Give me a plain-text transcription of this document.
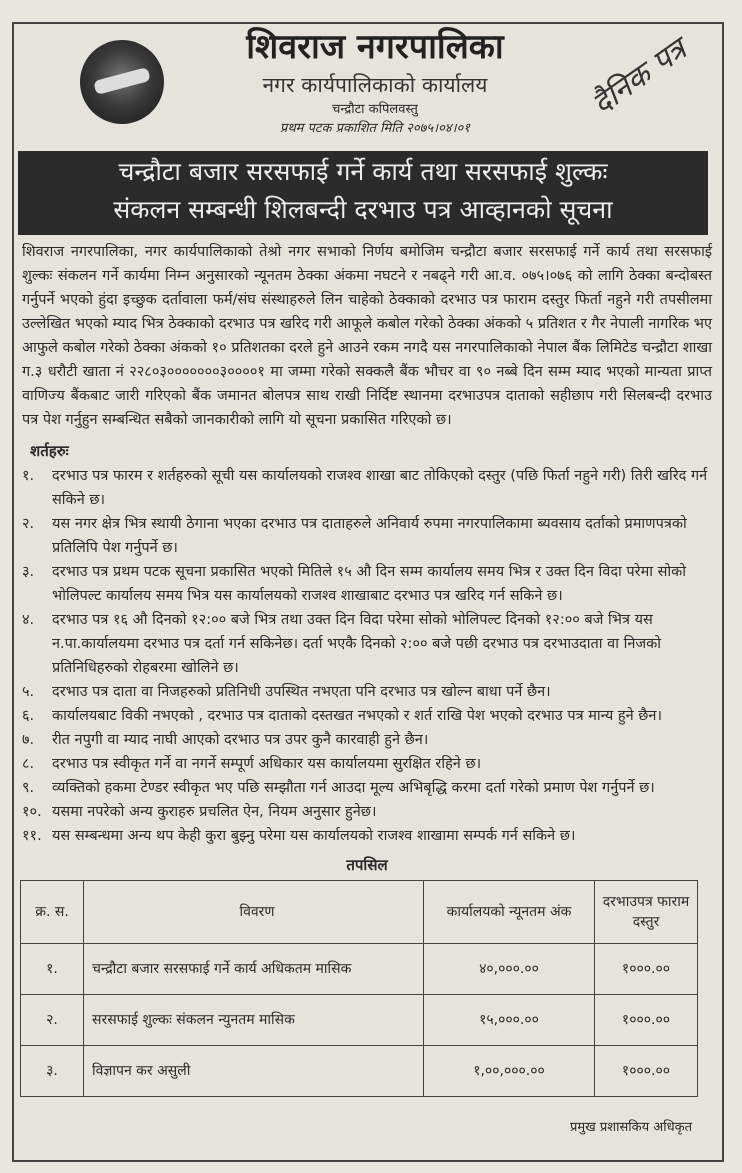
शिवराज नगरपालिका
नगर कार्यपालिकाको कार्यालय
चन्द्रौटा कपिलवस्तु
प्रथम पटक प्रकाशित मिति २०७५।०४।०१
दैनिक पत्र
चन्द्रौटा बजार सरसफाई गर्ने कार्य तथा सरसफाई शुल्कः
संकलन सम्बन्धी शिलबन्दी दरभाउ पत्र आव्हानको सूचना
शिवराज नगरपालिका, नगर कार्यपालिकाको तेश्रो नगर सभाको निर्णय बमोजिम चन्द्रौटा बजार सरसफाई गर्ने कार्य तथा सरसफाई शुल्कः संकलन गर्ने कार्यमा निम्न अनुसारको न्यूनतम ठेक्का अंकमा नघटने र नबढ्ने गरी आ.व. ०७५।०७६ को लागि ठेक्का बन्दोबस्त गर्नुपर्ने भएको हुंदा इच्छुक दर्तावाला फर्म/संघ संस्थाहरुले लिन चाहेको ठेक्काको दरभाउ पत्र फाराम दस्तुर फिर्ता नहुने गरी तपसीलमा उल्लेखित भएको म्याद भित्र ठेक्काको दरभाउ पत्र खरिद गरी आफूले कबोल गरेको ठेक्का अंकको ५ प्रतिशत र गैर नेपाली नागरिक भए आफुले कबोल गरेको ठेक्का अंकको १० प्रतिशतका दरले हुने आउने रकम नगदै यस नगरपालिकाको नेपाल बैंक लिमिटेड चन्द्रौटा शाखा ग.३ धरौटी खाता नं २२८०३०००००००३००००१ मा जम्मा गरेको सक्कलै बैंक भौचर वा ९० नब्बे दिन सम्म म्याद भएको मान्यता प्राप्त वाणिज्य बैंकबाट जारी गरिएको बैंक जमानत बोलपत्र साथ राखी निर्दिष्ट स्थानमा दरभाउपत्र दाताको सहीछाप गरी सिलबन्दी दरभाउ पत्र पेश गर्नुहुन सम्बन्धित सबैको जानकारीको लागि यो सूचना प्रकासित गरिएको छ।
शर्तहरुः
१.	दरभाउ पत्र फारम र शर्तहरुको सूची यस कार्यालयको राजश्व शाखा बाट तोकिएको दस्तुर (पछि फिर्ता नहुने गरी) तिरी खरिद गर्न सकिने छ।
२.	यस नगर क्षेत्र भित्र स्थायी ठेगाना भएका दरभाउ पत्र दाताहरुले अनिवार्य रुपमा नगरपालिकामा ब्यवसाय दर्ताको प्रमाणपत्रको प्रतिलिपि पेश गर्नुपर्ने छ।
३.	दरभाउ पत्र प्रथम पटक सूचना प्रकासित भएको मितिले १५ औ दिन सम्म कार्यालय समय भित्र र उक्त दिन विदा परेमा सोको भोलिपल्ट कार्यालय समय भित्र यस कार्यालयको राजश्व शाखाबाट दरभाउ पत्र खरिद गर्न सकिने छ।
४.	दरभाउ पत्र १६ औ दिनको १२:०० बजे भित्र तथा उक्त दिन विदा परेमा सोको भोलिपल्ट दिनको १२:०० बजे भित्र यस न.पा.कार्यालयमा दरभाउ पत्र दर्ता गर्न सकिनेछ। दर्ता भएकै दिनको २:०० बजे पछी दरभाउ पत्र दरभाउदाता वा निजको प्रतिनिधिहरुको रोहबरमा खोलिने छ।
५.	दरभाउ पत्र दाता वा निजहरुको प्रतिनिधी उपस्थित नभएता पनि दरभाउ पत्र खोल्न बाधा पर्ने छैन।
६.	कार्यालयबाट विकी नभएको , दरभाउ पत्र दाताको दस्तखत नभएको र शर्त राखि पेश भएको दरभाउ पत्र मान्य हुने छैन।
७.	रीत नपुगी वा म्याद नाघी आएको दरभाउ पत्र उपर कुनै कारवाही हुने छैन।
८.	दरभाउ पत्र स्वीकृत गर्ने वा नगर्ने सम्पूर्ण अधिकार यस कार्यालयमा सुरक्षित रहिने छ।
९.	व्यक्तिको हकमा टेण्डर स्वीकृत भए पछि सम्झौता गर्न आउदा मूल्य अभिबृद्धि करमा दर्ता गरेको प्रमाण पेश गर्नुपर्ने छ।
१०. यसमा नपरेको अन्य कुराहरु प्रचलित ऐन, नियम अनुसार हुनेछ।
११. यस सम्बन्धमा अन्य थप केही कुरा बुझ्नु परेमा यस कार्यालयको राजश्व शाखामा सम्पर्क गर्न सकिने छ।
तपसिल
क्र. स.	विवरण	कार्यालयको न्यूनतम अंक	दरभाउपत्र फाराम दस्तुर
१.	चन्द्रौटा बजार सरसफाई गर्ने कार्य अधिकतम मासिक	४०,०००.००	१०००.००
२.	सरसफाई शुल्कः संकलन न्युनतम मासिक	१५,०००.००	१०००.००
३.	विज्ञापन कर असुली	१,००,०००.००	१०००.००
प्रमुख प्रशासकिय अधिकृत
